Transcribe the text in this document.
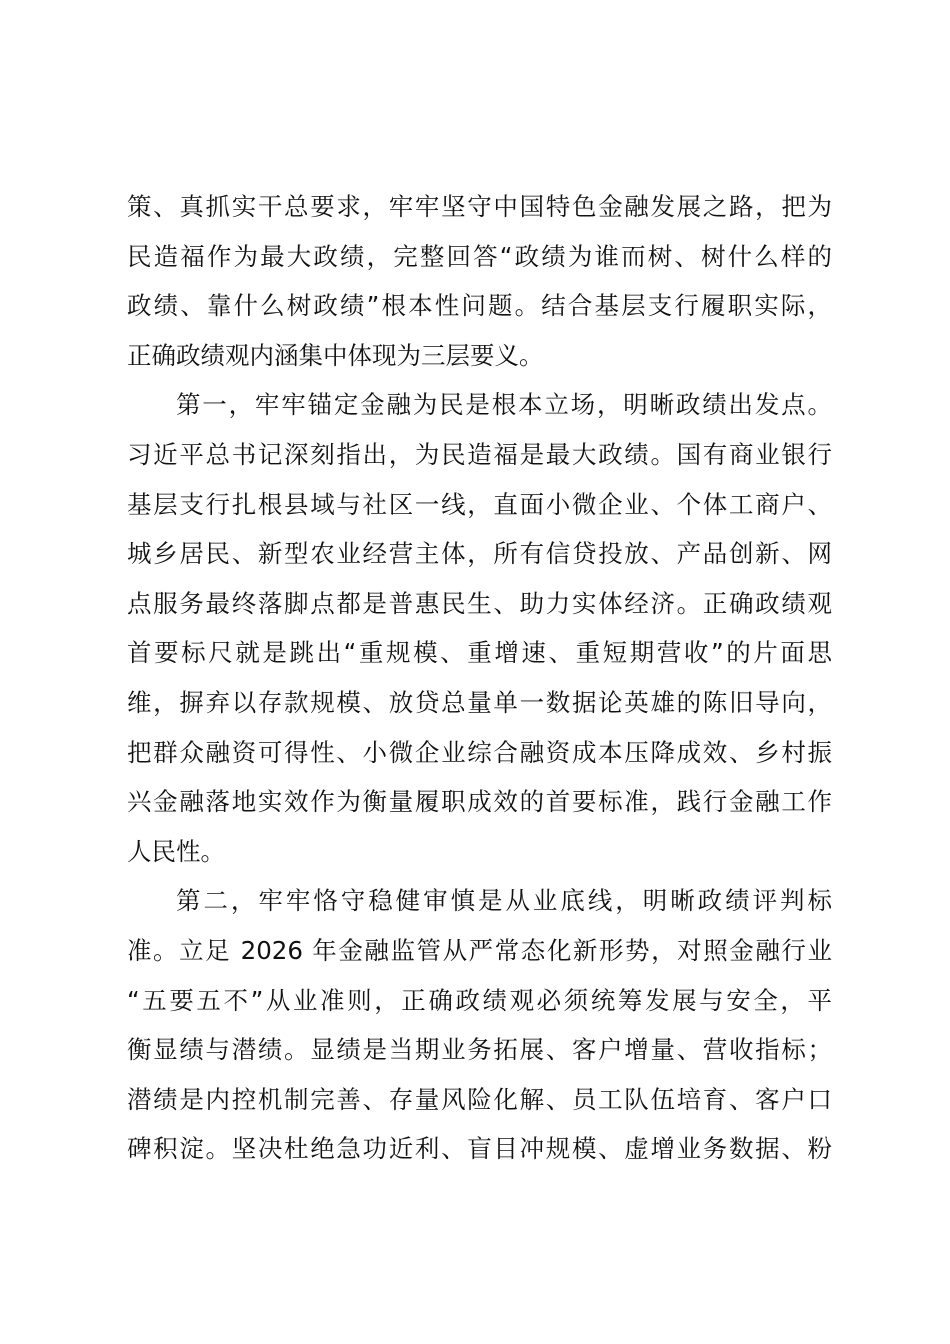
策、真抓实干总要求，牢牢坚守中国特色金融发展之路，把为
民造福作为最大政绩，完整回答“政绩为谁而树、树什么样的
政绩、靠什么树政绩”根本性问题。结合基层支行履职实际，
正确政绩观内涵集中体现为三层要义。
第一，牢牢锚定金融为民是根本立场，明晰政绩出发点。
习近平总书记深刻指出，为民造福是最大政绩。国有商业银行
基层支行扎根县域与社区一线，直面小微企业、个体工商户、
城乡居民、新型农业经营主体，所有信贷投放、产品创新、网
点服务最终落脚点都是普惠民生、助力实体经济。正确政绩观
首要标尺就是跳出“重规模、重增速、重短期营收”的片面思
维，摒弃以存款规模、放贷总量单一数据论英雄的陈旧导向，
把群众融资可得性、小微企业综合融资成本压降成效、乡村振
兴金融落地实效作为衡量履职成效的首要标准，践行金融工作
人民性。
第二，牢牢恪守稳健审慎是从业底线，明晰政绩评判标
准。立足 2026 年金融监管从严常态化新形势，对照金融行业
“五要五不”从业准则，正确政绩观必须统筹发展与安全，平
衡显绩与潜绩。显绩是当期业务拓展、客户增量、营收指标；
潜绩是内控机制完善、存量风险化解、员工队伍培育、客户口
碑积淀。坚决杜绝急功近利、盲目冲规模、虚增业务数据、粉
